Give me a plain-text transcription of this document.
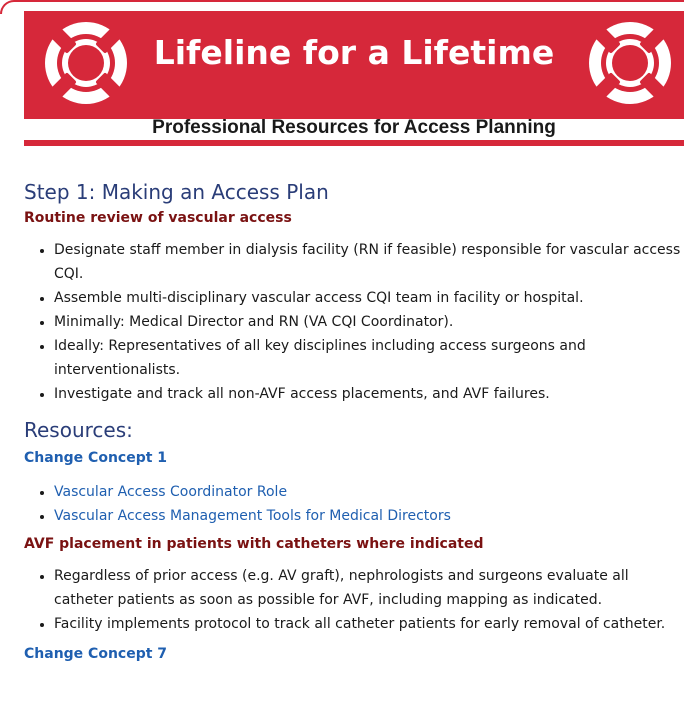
Lifeline for a Lifetime
Professional Resources for Access Planning
Step 1: Making an Access Plan
Routine review of vascular access
• Designate staff member in dialysis facility (RN if feasible) responsible for vascular access CQI.
• Assemble multi-disciplinary vascular access CQI team in facility or hospital.
• Minimally: Medical Director and RN (VA CQI Coordinator).
• Ideally: Representatives of all key disciplines including access surgeons and interventionalists.
• Investigate and track all non-AVF access placements, and AVF failures.
Resources:
Change Concept 1
• Vascular Access Coordinator Role
• Vascular Access Management Tools for Medical Directors
AVF placement in patients with catheters where indicated
• Regardless of prior access (e.g. AV graft), nephrologists and surgeons evaluate all catheter patients as soon as possible for AVF, including mapping as indicated.
• Facility implements protocol to track all catheter patients for early removal of catheter.
Change Concept 7
